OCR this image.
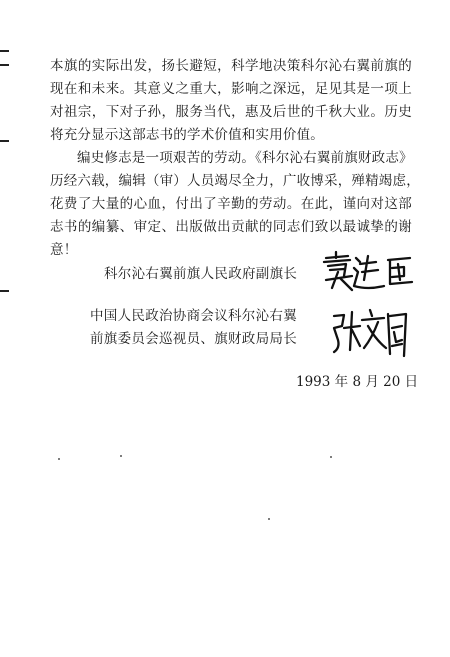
本旗的实际出发，扬长避短，科学地决策科尔沁右翼前旗的
现在和未来。其意义之重大，影响之深远，足见其是一项上
对祖宗，下对子孙，服务当代，惠及后世的千秋大业。历史
将充分显示这部志书的学术价值和实用价值。
编史修志是一项艰苦的劳动。《科尔沁右翼前旗财政志》
历经六载，编辑（审）人员竭尽全力，广收博采，殚精竭虑，
花费了大量的心血，付出了辛勤的劳动。在此，谨向对这部
志书的编纂、审定、出版做出贡献的同志们致以最诚挚的谢
意！
科尔沁右翼前旗人民政府副旗长
中国人民政治协商会议科尔沁右翼
前旗委员会巡视员、旗财政局局长
1993 年 8 月 20 日
